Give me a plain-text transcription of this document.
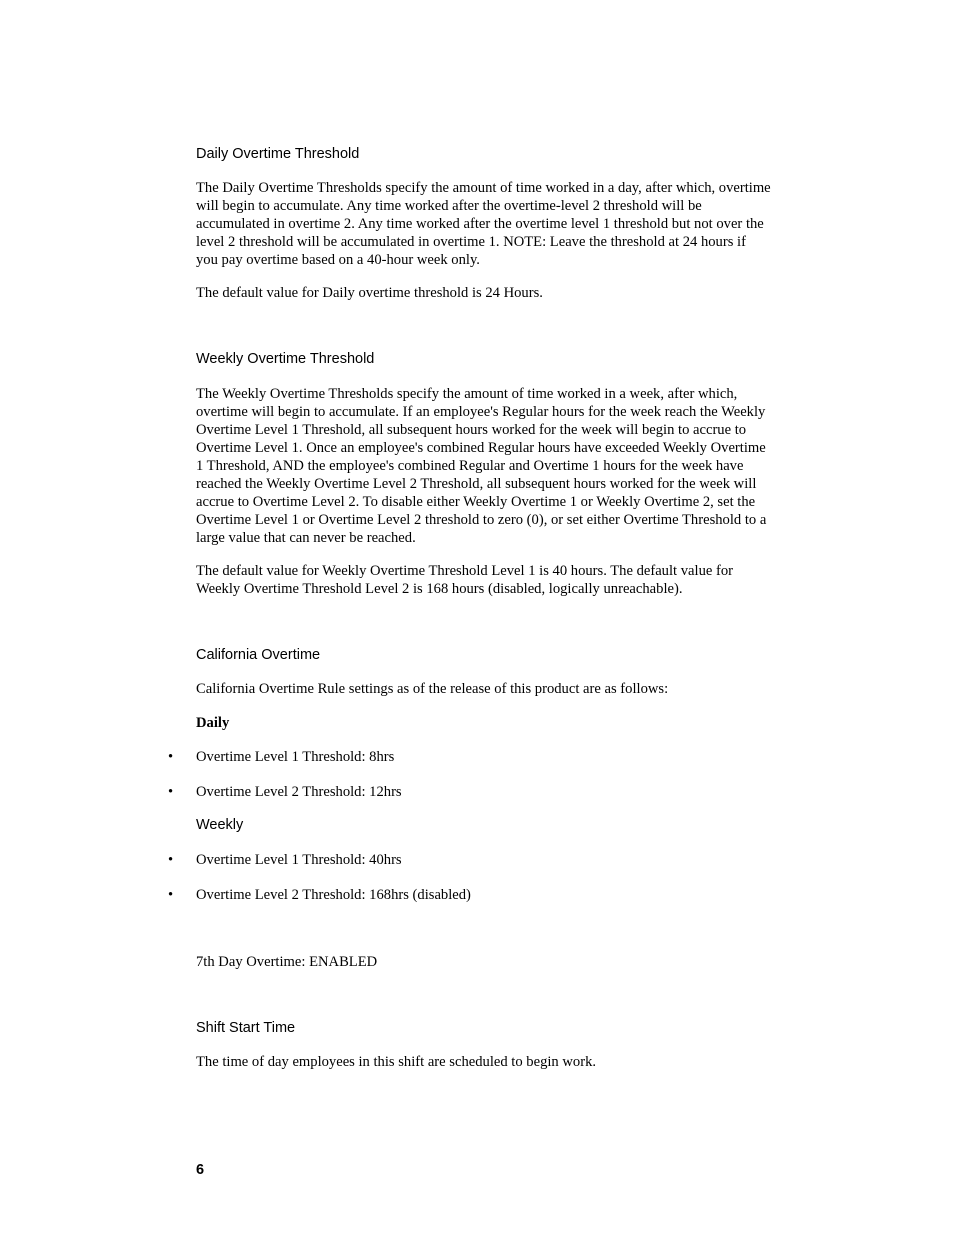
Daily Overtime Threshold

The Daily Overtime Thresholds specify the amount of time worked in a day, after which, overtime
will begin to accumulate. Any time worked after the overtime-level 2 threshold will be
accumulated in overtime 2. Any time worked after the overtime level 1 threshold but not over the
level 2 threshold will be accumulated in overtime 1. NOTE: Leave the threshold at 24 hours if
you pay overtime based on a 40-hour week only.

The default value for Daily overtime threshold is 24 Hours.

Weekly Overtime Threshold

The Weekly Overtime Thresholds specify the amount of time worked in a week, after which,
overtime will begin to accumulate. If an employee's Regular hours for the week reach the Weekly
Overtime Level 1 Threshold, all subsequent hours worked for the week will begin to accrue to
Overtime Level 1. Once an employee's combined Regular hours have exceeded Weekly Overtime
1 Threshold, AND the employee's combined Regular and Overtime 1 hours for the week have
reached the Weekly Overtime Level 2 Threshold, all subsequent hours worked for the week will
accrue to Overtime Level 2. To disable either Weekly Overtime 1 or Weekly Overtime 2, set the
Overtime Level 1 or Overtime Level 2 threshold to zero (0), or set either Overtime Threshold to a
large value that can never be reached.

The default value for Weekly Overtime Threshold Level 1 is 40 hours. The default value for
Weekly Overtime Threshold Level 2 is 168 hours (disabled, logically unreachable).

California Overtime

California Overtime Rule settings as of the release of this product are as follows:

Daily

• Overtime Level 1 Threshold: 8hrs
• Overtime Level 2 Threshold: 12hrs

Weekly

• Overtime Level 1 Threshold: 40hrs
• Overtime Level 2 Threshold: 168hrs (disabled)

7th Day Overtime: ENABLED

Shift Start Time

The time of day employees in this shift are scheduled to begin work.

6
